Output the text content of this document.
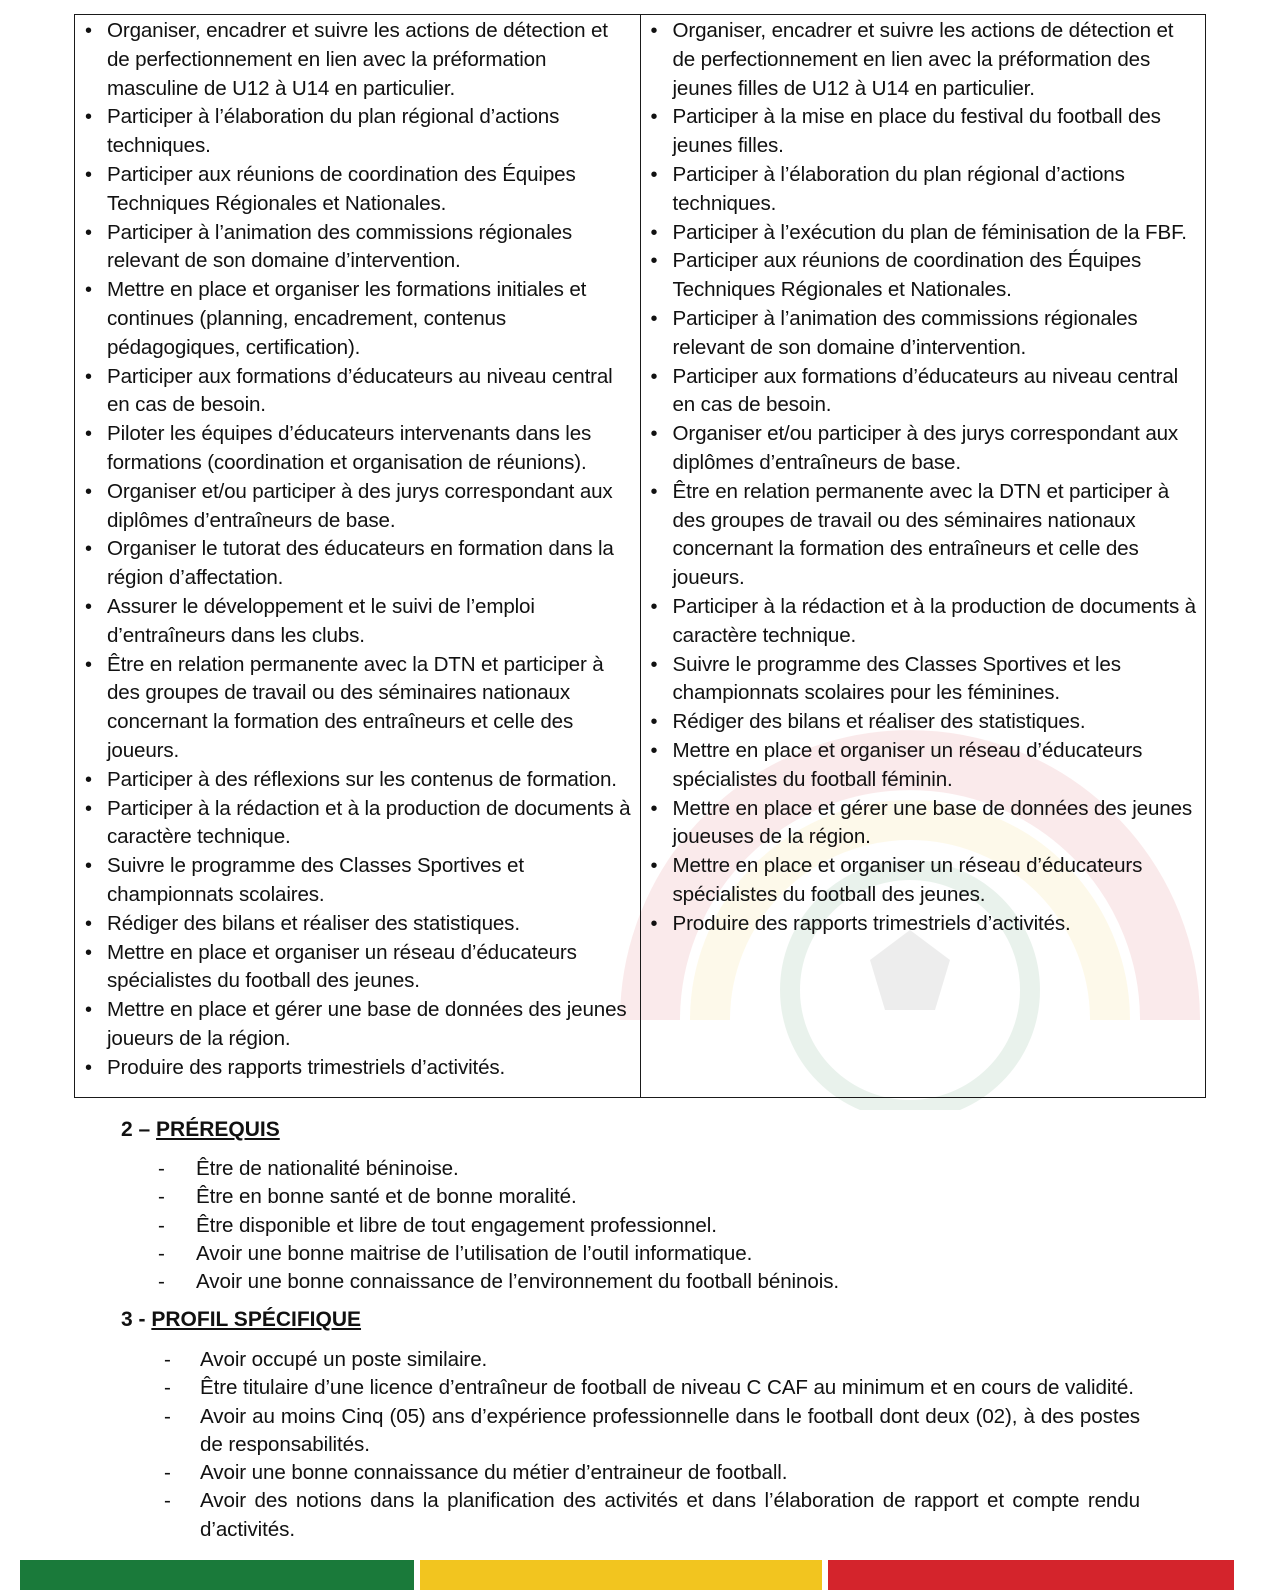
• Organiser, encadrer et suivre les actions de détection et de perfectionnement en lien avec la préformation masculine de U12 à U14 en particulier.
• Participer à l’élaboration du plan régional d’actions techniques.
• Participer aux réunions de coordination des Équipes Techniques Régionales et Nationales.
• Participer à l’animation des commissions régionales relevant de son domaine d’intervention.
• Mettre en place et organiser les formations initiales et continues (planning, encadrement, contenus pédagogiques, certification).
• Participer aux formations d’éducateurs au niveau central en cas de besoin.
• Piloter les équipes d’éducateurs intervenants dans les formations (coordination et organisation de réunions).
• Organiser et/ou participer à des jurys correspondant aux diplômes d’entraîneurs de base.
• Organiser le tutorat des éducateurs en formation dans la région d’affectation.
• Assurer le développement et le suivi de l’emploi d’entraîneurs dans les clubs.
• Être en relation permanente avec la DTN et participer à des groupes de travail ou des séminaires nationaux concernant la formation des entraîneurs et celle des joueurs.
• Participer à des réflexions sur les contenus de formation.
• Participer à la rédaction et à la production de documents à caractère technique.
• Suivre le programme des Classes Sportives et championnats scolaires.
• Rédiger des bilans et réaliser des statistiques.
• Mettre en place et organiser un réseau d’éducateurs spécialistes du football des jeunes.
• Mettre en place et gérer une base de données des jeunes joueurs de la région.
• Produire des rapports trimestriels d’activités.
• Organiser, encadrer et suivre les actions de détection et de perfectionnement en lien avec la préformation des jeunes filles de U12 à U14 en particulier.
• Participer à la mise en place du festival du football des jeunes filles.
• Participer à l’élaboration du plan régional d’actions techniques.
• Participer à l’exécution du plan de féminisation de la FBF.
• Participer aux réunions de coordination des Équipes Techniques Régionales et Nationales.
• Participer à l’animation des commissions régionales relevant de son domaine d’intervention.
• Participer aux formations d’éducateurs au niveau central en cas de besoin.
• Organiser et/ou participer à des jurys correspondant aux diplômes d’entraîneurs de base.
• Être en relation permanente avec la DTN et participer à des groupes de travail ou des séminaires nationaux concernant la formation des entraîneurs et celle des joueurs.
• Participer à la rédaction et à la production de documents à caractère technique.
• Suivre le programme des Classes Sportives et les championnats scolaires pour les féminines.
• Rédiger des bilans et réaliser des statistiques.
• Mettre en place et organiser un réseau d’éducateurs spécialistes du football féminin.
• Mettre en place et gérer une base de données des jeunes joueuses de la région.
• Mettre en place et organiser un réseau d’éducateurs spécialistes du football des jeunes.
• Produire des rapports trimestriels d’activités.
2 – PRÉREQUIS
- Être de nationalité béninoise.
- Être en bonne santé et de bonne moralité.
- Être disponible et libre de tout engagement professionnel.
- Avoir une bonne maitrise de l’utilisation de l’outil informatique.
- Avoir une bonne connaissance de l’environnement du football béninois.
3 - PROFIL SPÉCIFIQUE
- Avoir occupé un poste similaire.
- Être titulaire d’une licence d’entraîneur de football de niveau C CAF au minimum et en cours de validité.
- Avoir au moins Cinq (05) ans d’expérience professionnelle dans le football dont deux (02), à des postes de responsabilités.
- Avoir une bonne connaissance du métier d’entraineur de football.
- Avoir des notions dans la planification des activités et dans l’élaboration de rapport et compte rendu d’activités.
